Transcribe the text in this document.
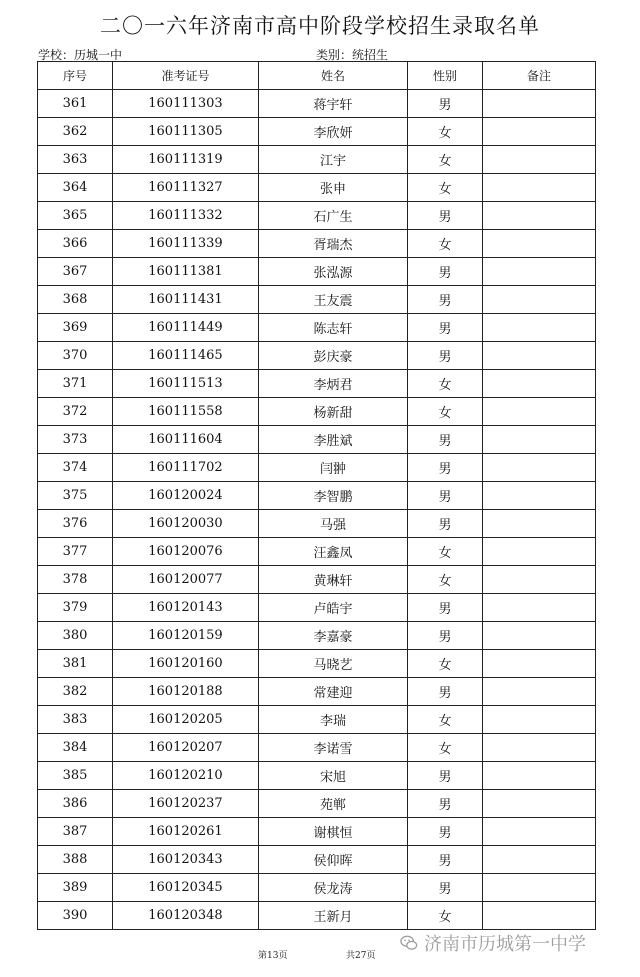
二〇一六年济南市高中阶段学校招生录取名单
学校：历城一中	类别：统招生
序号	准考证号	姓名	性别	备注
361	160111303	蒋宇轩	男	
362	160111305	李欣妍	女	
363	160111319	江宇	女	
364	160111327	张申	女	
365	160111332	石广生	男	
366	160111339	胥瑞杰	女	
367	160111381	张泓源	男	
368	160111431	王友震	男	
369	160111449	陈志轩	男	
370	160111465	彭庆豪	男	
371	160111513	李炳君	女	
372	160111558	杨新甜	女	
373	160111604	李胜斌	男	
374	160111702	闫翀	男	
375	160120024	李智鹏	男	
376	160120030	马强	男	
377	160120076	汪鑫凤	女	
378	160120077	黄琳轩	女	
379	160120143	卢皓宇	男	
380	160120159	李嘉豪	男	
381	160120160	马晓艺	女	
382	160120188	常建迎	男	
383	160120205	李瑞	女	
384	160120207	李诺雪	女	
385	160120210	宋旭	男	
386	160120237	苑郸	男	
387	160120261	谢棋恒	男	
388	160120343	侯仰晖	男	
389	160120345	侯龙涛	男	
390	160120348	王新月	女	
第13页	共27页
济南市历城第一中学
